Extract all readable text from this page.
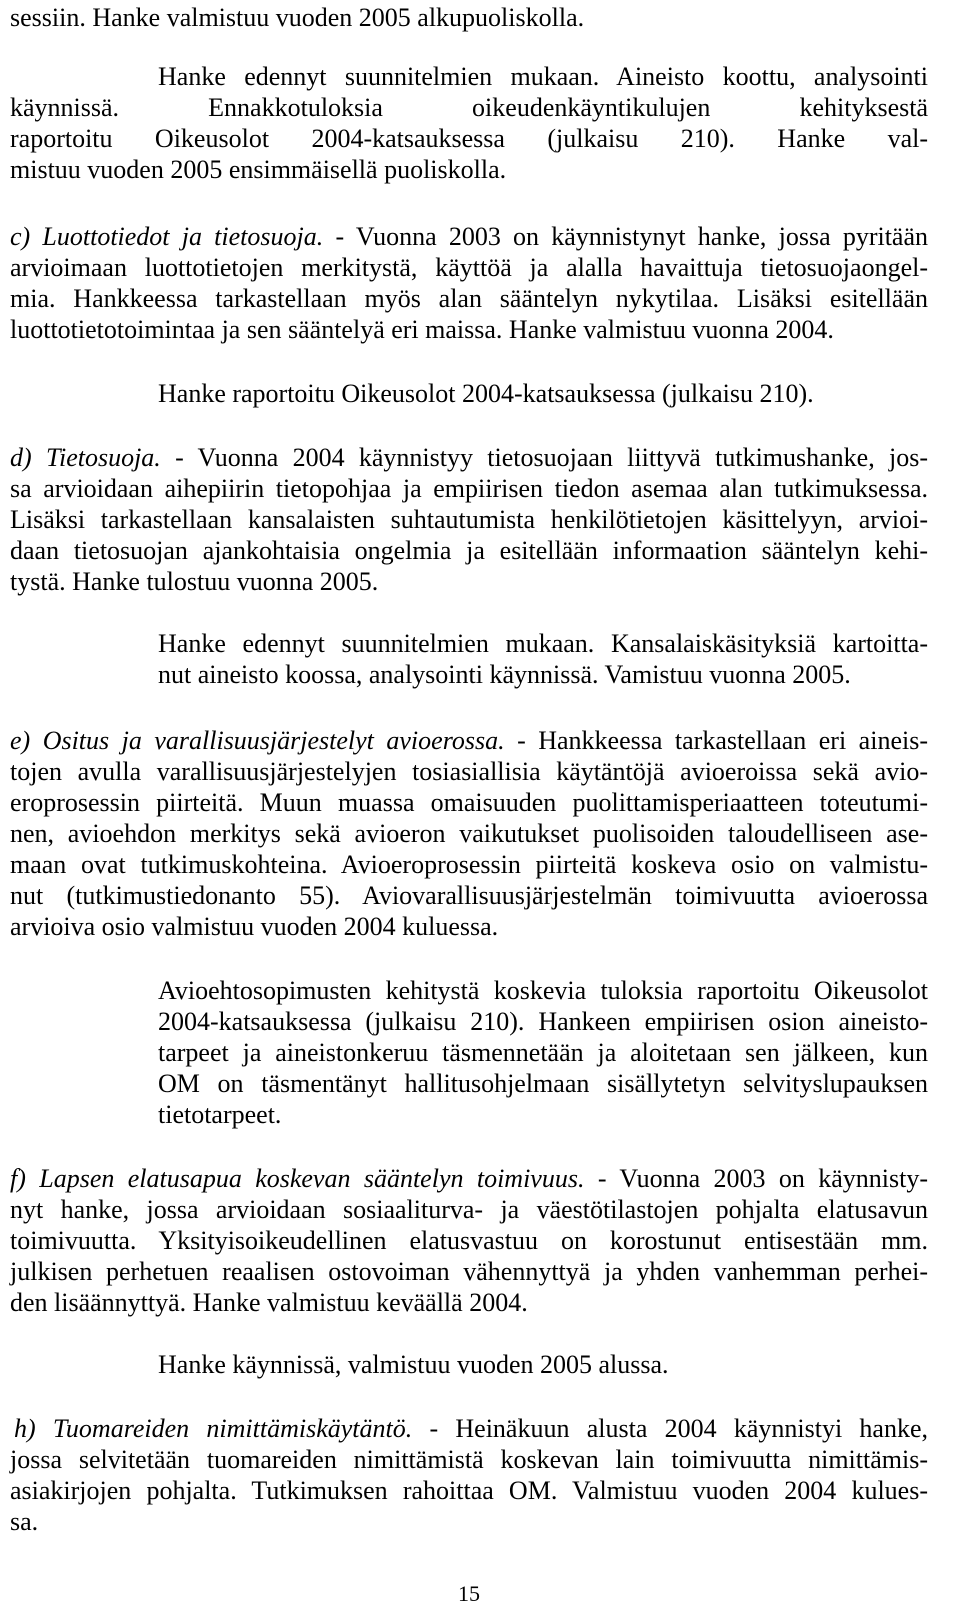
sessiin. Hanke valmistuu vuoden 2005 alkupuoliskolla.
Hanke edennyt suunnitelmien mukaan. Aineisto koottu, analysointi
käynnissä. Ennakkotuloksia oikeudenkäyntikulujen kehityksestä
raportoitu Oikeusolot 2004-katsauksessa (julkaisu 210). Hanke val-
mistuu vuoden 2005 ensimmäisellä puoliskolla.
c) Luottotiedot ja tietosuoja. - Vuonna 2003 on käynnistynyt hanke, jossa pyritään
arvioimaan luottotietojen merkitystä, käyttöä ja alalla havaittuja tietosuojaongel-
mia. Hankkeessa tarkastellaan myös alan sääntelyn nykytilaa. Lisäksi esitellään
luottotietotoimintaa ja sen sääntelyä eri maissa. Hanke valmistuu vuonna 2004.
Hanke raportoitu Oikeusolot 2004-katsauksessa (julkaisu 210).
d) Tietosuoja. - Vuonna 2004 käynnistyy tietosuojaan liittyvä tutkimushanke, jos-
sa arvioidaan aihepiirin tietopohjaa ja empiirisen tiedon asemaa alan tutkimuksessa.
Lisäksi tarkastellaan kansalaisten suhtautumista henkilötietojen käsittelyyn, arvioi-
daan tietosuojan ajankohtaisia ongelmia ja esitellään informaation sääntelyn kehi-
tystä. Hanke tulostuu vuonna 2005.
Hanke edennyt suunnitelmien mukaan. Kansalaiskäsityksiä kartoitta-
nut aineisto koossa, analysointi käynnissä. Vamistuu vuonna 2005.
e) Ositus ja varallisuusjärjestelyt avioerossa. - Hankkeessa tarkastellaan eri aineis-
tojen avulla varallisuusjärjestelyjen tosiasiallisia käytäntöjä avioeroissa sekä avio-
eroprosessin piirteitä. Muun muassa omaisuuden puolittamisperiaatteen toteutumi-
nen, avioehdon merkitys sekä avioeron vaikutukset puolisoiden taloudelliseen ase-
maan ovat tutkimuskohteina. Avioeroprosessin piirteitä koskeva osio on valmistu-
nut (tutkimustiedonanto 55). Aviovarallisuusjärjestelmän toimivuutta avioerossa
arvioiva osio valmistuu vuoden 2004 kuluessa.
Avioehtosopimusten kehitystä koskevia tuloksia raportoitu Oikeusolot
2004-katsauksessa (julkaisu 210). Hankeen empiirisen osion aineisto-
tarpeet ja aineistonkeruu täsmennetään ja aloitetaan sen jälkeen, kun
OM on täsmentänyt hallitusohjelmaan sisällytetyn selvityslupauksen
tietotarpeet.
f) Lapsen elatusapua koskevan sääntelyn toimivuus. - Vuonna 2003 on käynnisty-
nyt hanke, jossa arvioidaan sosiaaliturva- ja väestötilastojen pohjalta elatusavun
toimivuutta. Yksityisoikeudellinen elatusvastuu on korostunut entisestään mm.
julkisen perhetuen reaalisen ostovoiman vähennyttyä ja yhden vanhemman perhei-
den lisäännyttyä. Hanke valmistuu keväällä 2004.
Hanke käynnissä, valmistuu vuoden 2005 alussa.
h) Tuomareiden nimittämiskäytäntö. - Heinäkuun alusta 2004 käynnistyi hanke,
jossa selvitetään tuomareiden nimittämistä koskevan lain toimivuutta nimittämis-
asiakirjojen pohjalta. Tutkimuksen rahoittaa OM. Valmistuu vuoden 2004 kulues-
sa.
15
